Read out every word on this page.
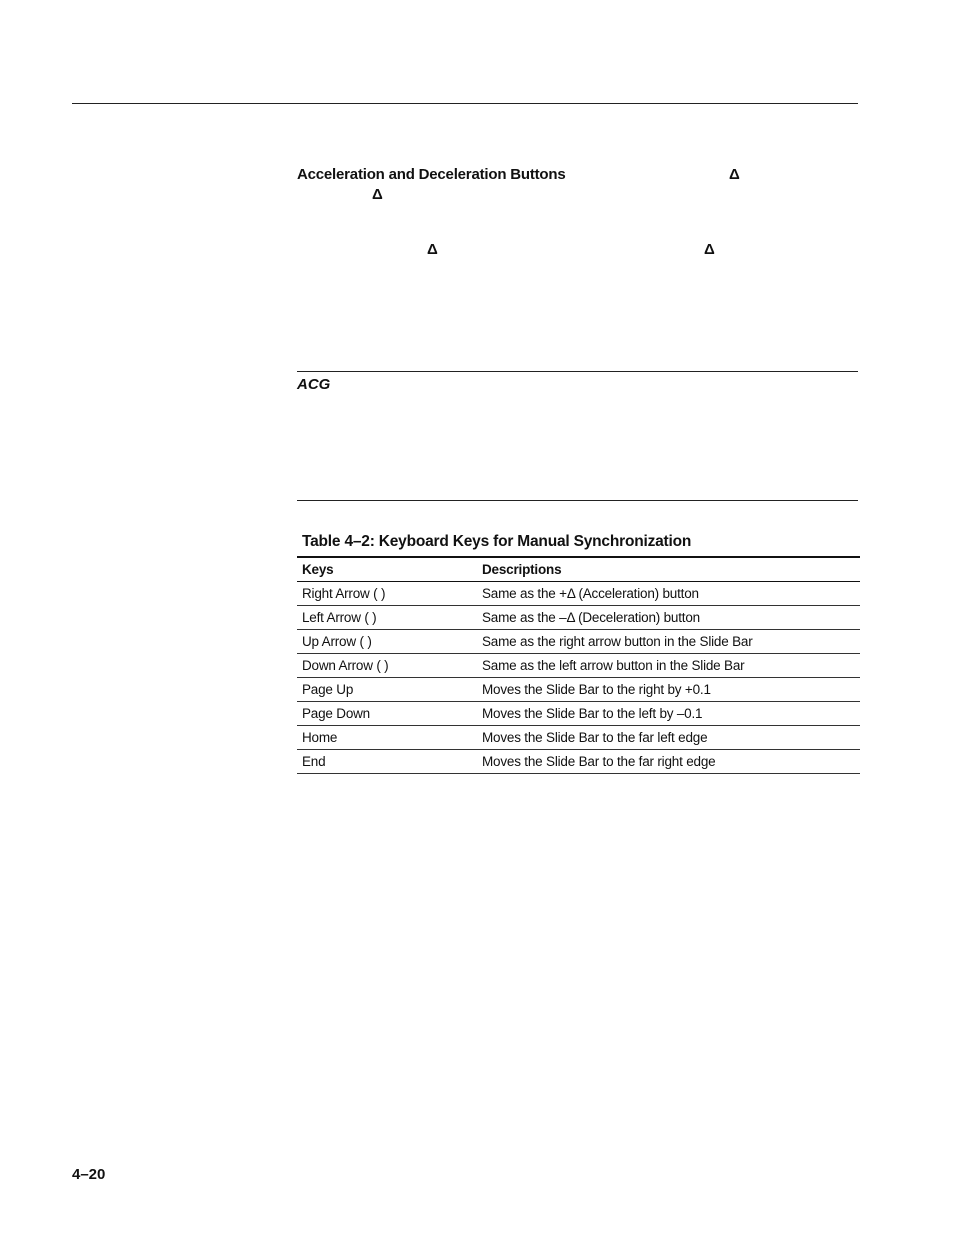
Acceleration and Deceleration Buttons	Δ
Δ
Δ	Δ
ACG
Table 4–2: Keyboard Keys for Manual Synchronization
Keys	Descriptions
Right Arrow ( )	Same as the +Δ (Acceleration) button
Left Arrow ( )	Same as the –Δ (Deceleration) button
Up Arrow ( )	Same as the right arrow button in the Slide Bar
Down Arrow ( )	Same as the left arrow button in the Slide Bar
Page Up	Moves the Slide Bar to the right by +0.1
Page Down	Moves the Slide Bar to the left by –0.1
Home	Moves the Slide Bar to the far left edge
End	Moves the Slide Bar to the far right edge
4–20
